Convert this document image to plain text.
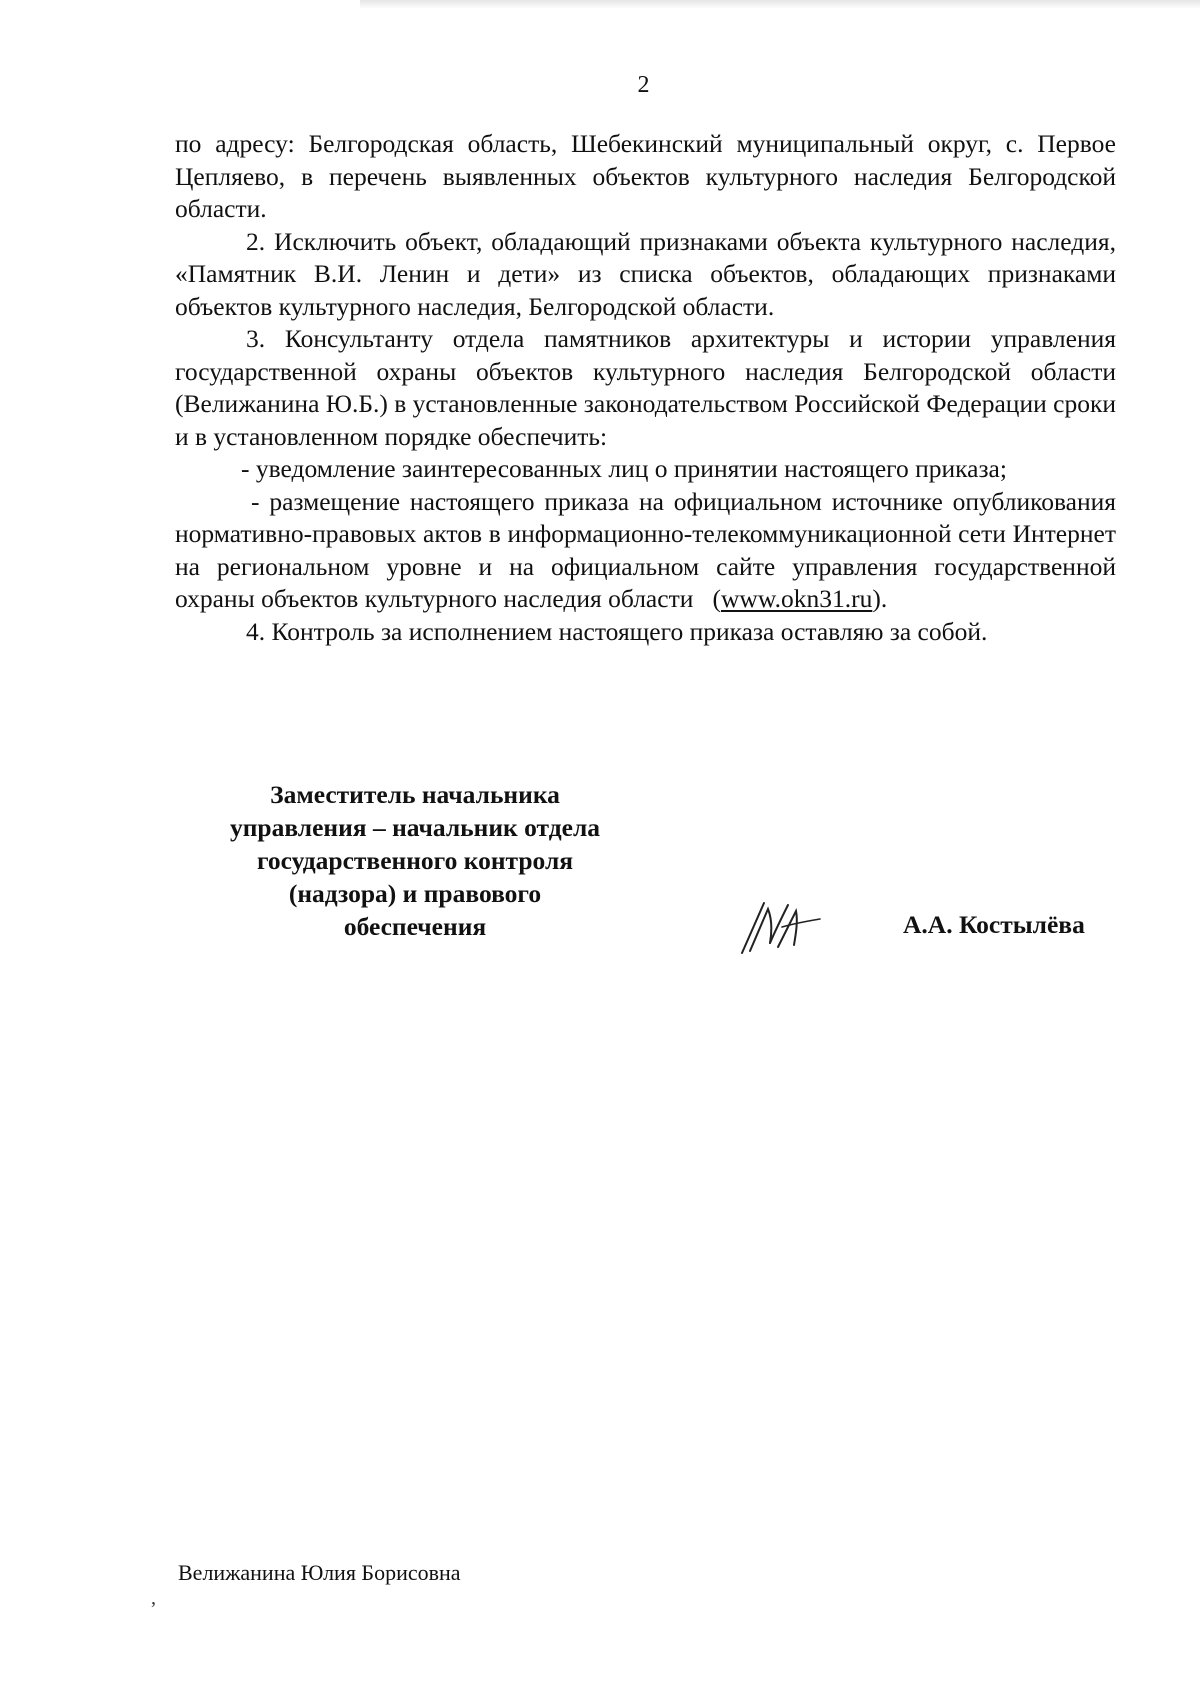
2

по адресу: Белгородская область, Шебекинский муниципальный округ, с. Первое Цепляево, в перечень выявленных объектов культурного наследия Белгородской области.

2. Исключить объект, обладающий признаками объекта культурного наследия, «Памятник В.И. Ленин и дети» из списка объектов, обладающих признаками объектов культурного наследия, Белгородской области.

3. Консультанту отдела памятников архитектуры и истории управления государственной охраны объектов культурного наследия Белгородской области (Велижанина Ю.Б.) в установленные законодательством Российской Федерации сроки и в установленном порядке обеспечить:

- уведомление заинтересованных лиц о принятии настоящего приказа;

- размещение настоящего приказа на официальном источнике опубликования нормативно-правовых актов в информационно-телекоммуникационной сети Интернет на региональном уровне и на официальном сайте управления государственной охраны объектов культурного наследия области (www.okn31.ru).

4. Контроль за исполнением настоящего приказа оставляю за собой.

Заместитель начальника
управления – начальник отдела
государственного контроля
(надзора) и правового
обеспечения	А.А. Костылёва
,
Велижанина Юлия Борисовна
